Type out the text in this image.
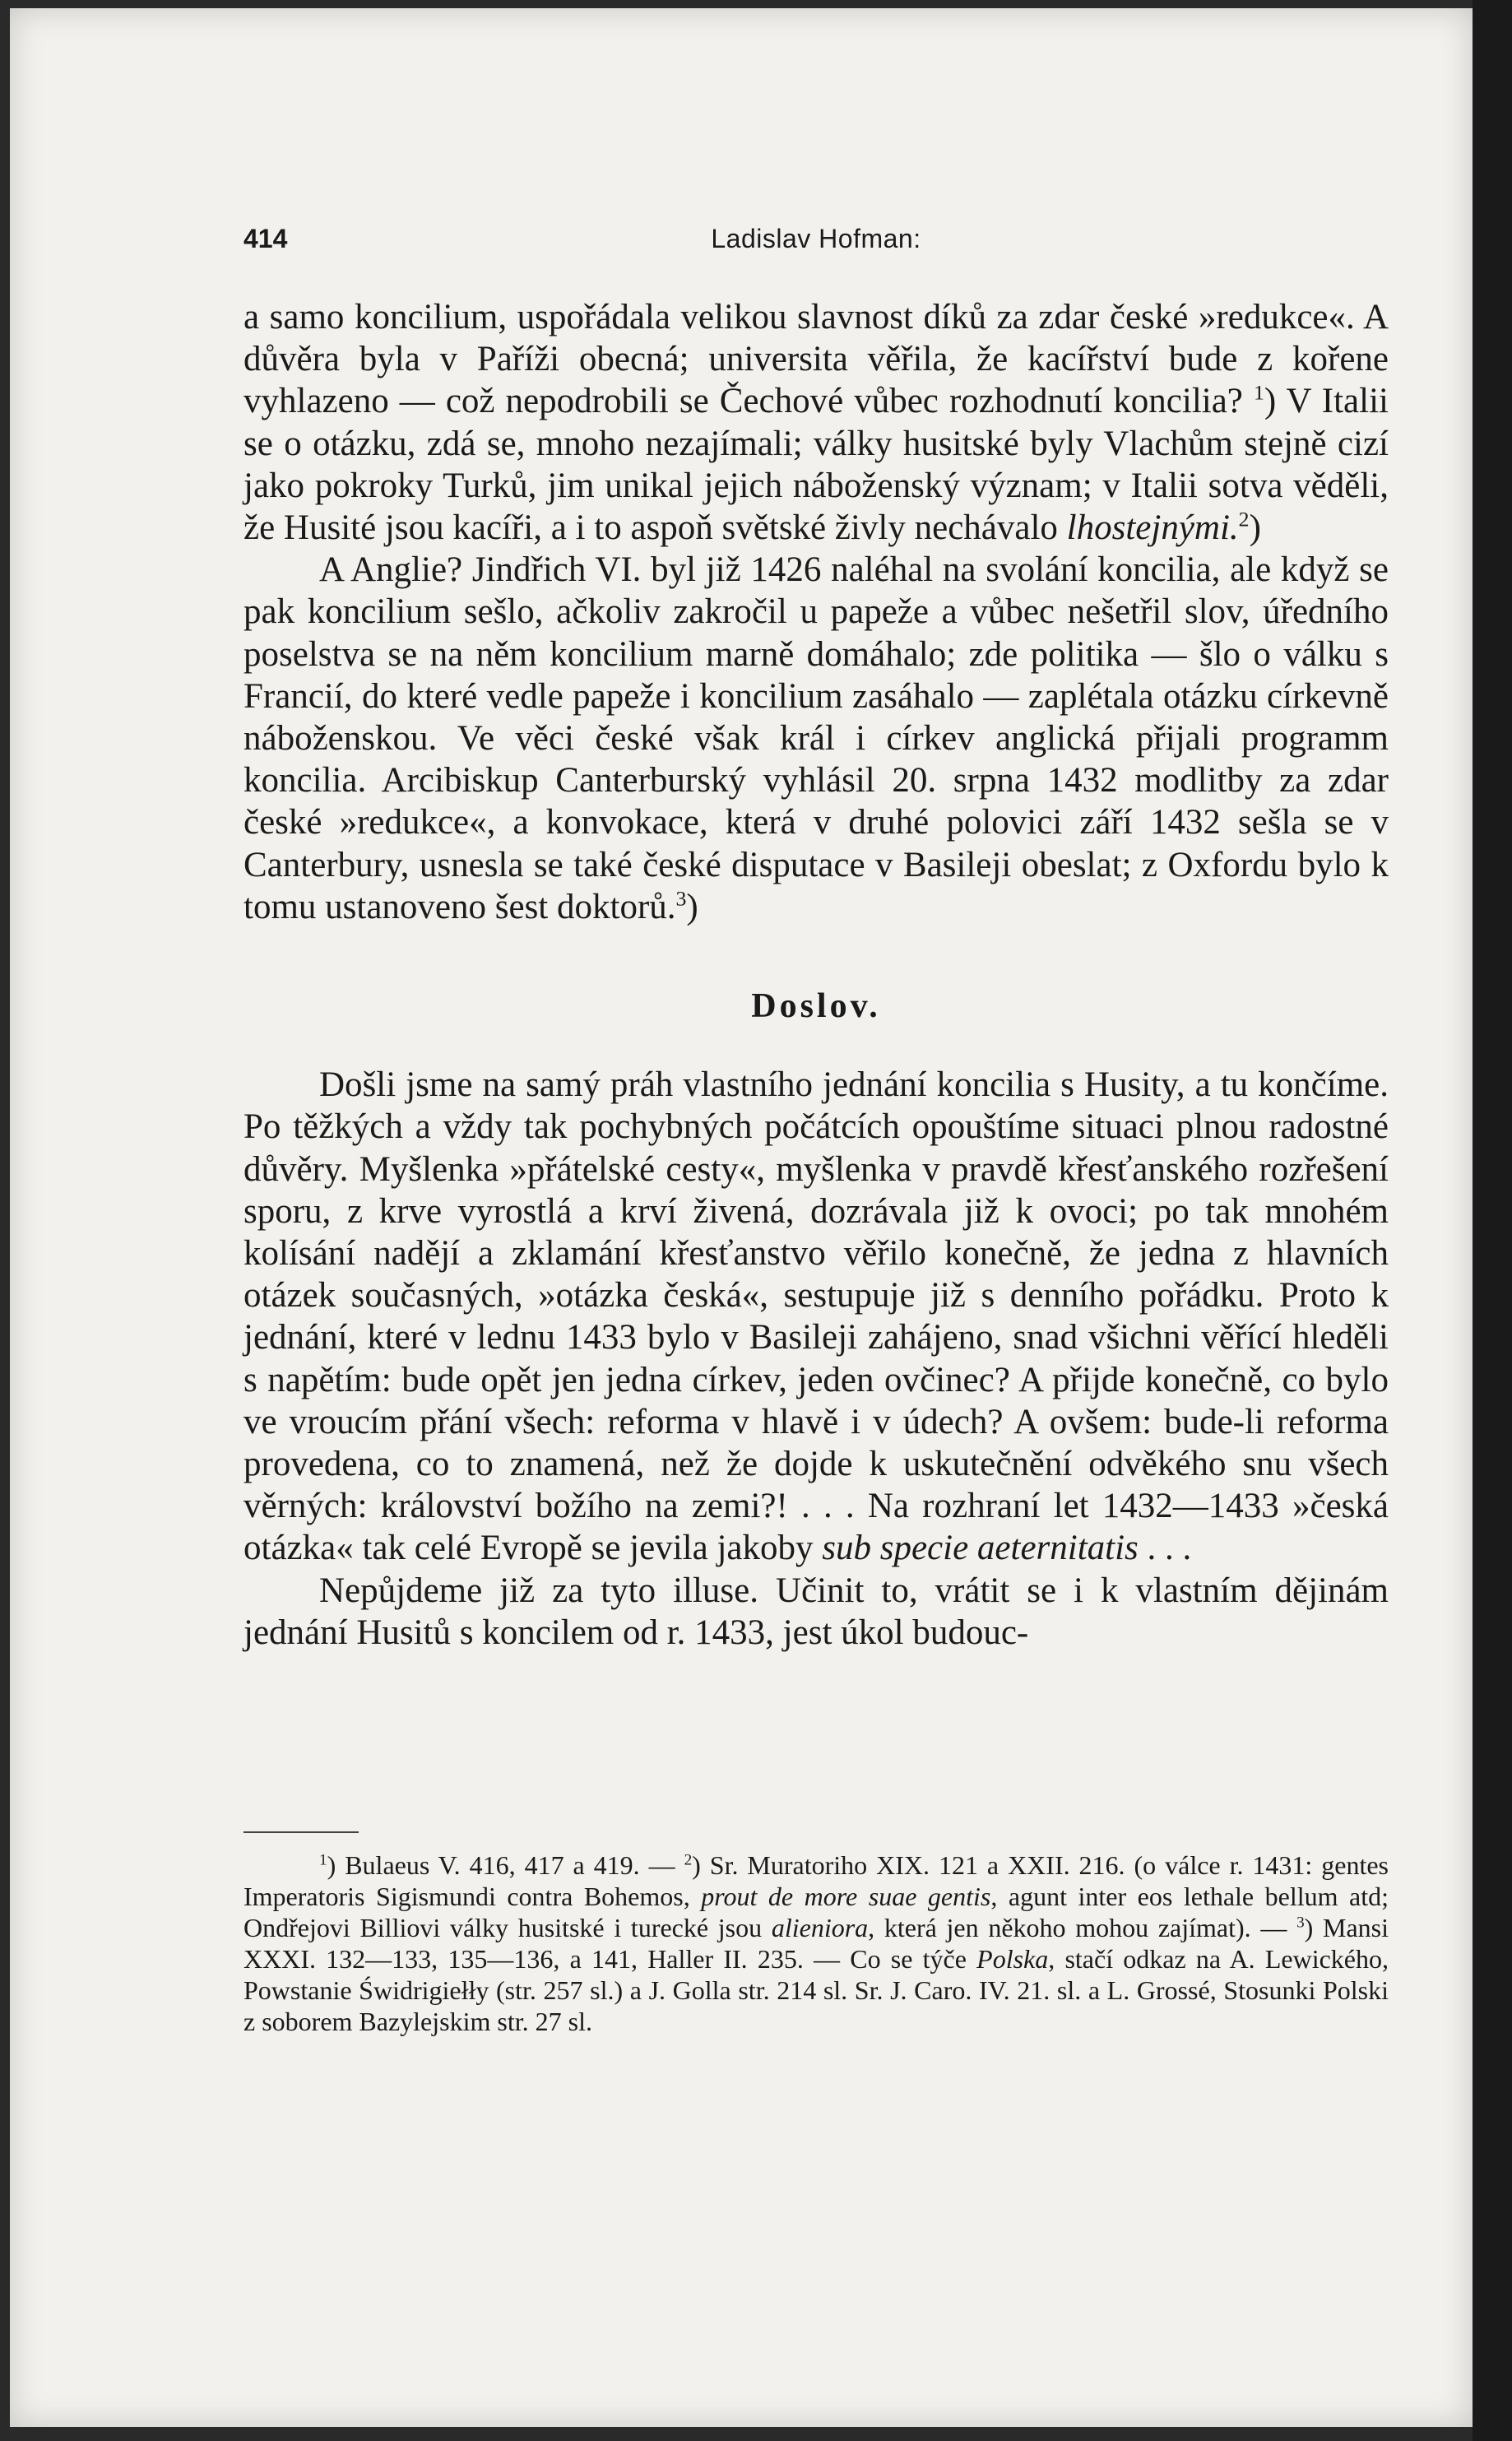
414	Ladislav Hofman:

a samo koncilium, uspořádala velikou slavnost díků za zdar české »redukce«. A důvěra byla v Paříži obecná; universita věřila, že kacířství bude z kořene vyhlazeno — což nepodrobili se Čechové vůbec rozhodnutí koncilia? $^1$) V Italii se o otázku, zdá se, mnoho nezajímali; války husitské byly Vlachům stejně cizí jako pokroky Turků, jim unikal jejich náboženský význam; v Italii sotva věděli, že Husité jsou kacíři, a i to aspoň světské živly nechávalo lhostejnými.$^2$)

A Anglie? Jindřich VI. byl již 1426 naléhal na svolání koncilia, ale když se pak koncilium sešlo, ačkoliv zakročil u papeže a vůbec nešetřil slov, úředního poselstva se na něm koncilium marně domáhalo; zde politika — šlo o válku s Francií, do které vedle papeže i koncilium zasáhalo — zaplétala otázku církevně náboženskou. Ve věci české však král i církev anglická přijali programm koncilia. Arcibiskup Canterburský vyhlásil 20. srpna 1432 modlitby za zdar české »redukce«, a konvokace, která v druhé polovici září 1432 sešla se v Canterbury, usnesla se také české disputace v Basileji obeslat; z Oxfordu bylo k tomu ustanoveno šest doktorů.$^3$)

Doslov.

Došli jsme na samý práh vlastního jednání koncilia s Husity, a tu končíme. Po těžkých a vždy tak pochybných počátcích opouštíme situaci plnou radostné důvěry. Myšlenka »přátelské cesty«, myšlenka v pravdě křesťanského rozřešení sporu, z krve vyrostlá a krví živená, dozrávala již k ovoci; po tak mnohém kolísání nadějí a zklamání křesťanstvo věřilo konečně, že jedna z hlavních otázek současných, »otázka česká«, sestupuje již s denního pořádku. Proto k jednání, které v lednu 1433 bylo v Basileji zahájeno, snad všichni věřící hleděli s napětím: bude opět jen jedna církev, jeden ovčinec? A přijde konečně, co bylo ve vroucím přání všech: reforma v hlavě i v údech? A ovšem: bude-li reforma provedena, co to znamená, než že dojde k uskutečnění odvěkého snu všech věrných: království božího na zemi?! . . . Na rozhraní let 1432—1433 »česká otázka« tak celé Evropě se jevila jakoby sub specie aeternitatis . . .

Nepůjdeme již za tyto illuse. Učinit to, vrátit se i k vlastním dějinám jednání Husitů s koncilem od r. 1433, jest úkol budouc-

$^1$) Bulaeus V. 416, 417 a 419. — $^2$) Sr. Muratoriho XIX. 121 a XXII. 216. (o válce r. 1431: gentes Imperatoris Sigismundi contra Bohemos, prout de more suae gentis, agunt inter eos lethale bellum atd; Ondřejovi Billiovi války husitské i turecké jsou alieniora, která jen někoho mohou zajímat). — $^3$) Mansi XXXI. 132—133, 135—136, a 141, Haller II. 235. — Co se týče Polska, stačí odkaz na A. Lewického, Powstanie Świdrigiełły (str. 257 sl.) a J. Golla str. 214 sl. Sr. J. Caro. IV. 21. sl. a L. Grossé, Stosunki Polski z soborem Bazylejskim str. 27 sl.
